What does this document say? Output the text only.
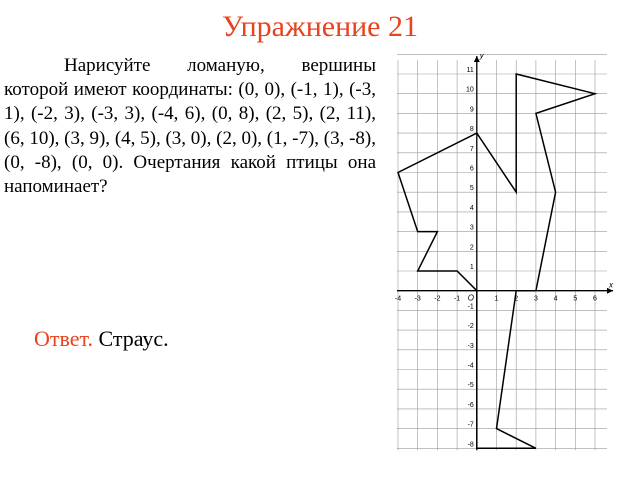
Упражнение 21

Нарисуйте ломаную, вершины которой имеют координаты: (0, 0), (-1, 1), (-3, 1), (-2, 3), (-3, 3), (-4, 6), (0, 8), (2, 5), (2, 11), (6, 10), (3, 9), (4, 5), (3, 0), (2, 0), (1, -7), (3, -8), (0, -8), (0, 0). Очертания какой птицы она напоминает?

Ответ. Страус.
x
y
O
-4 -3 -2 -1	1 2 3 4 5 6
11
10
9
8
7
6
5
4
3
2
1
-1
-2
-3
-4
-5
-6
-7
-8
